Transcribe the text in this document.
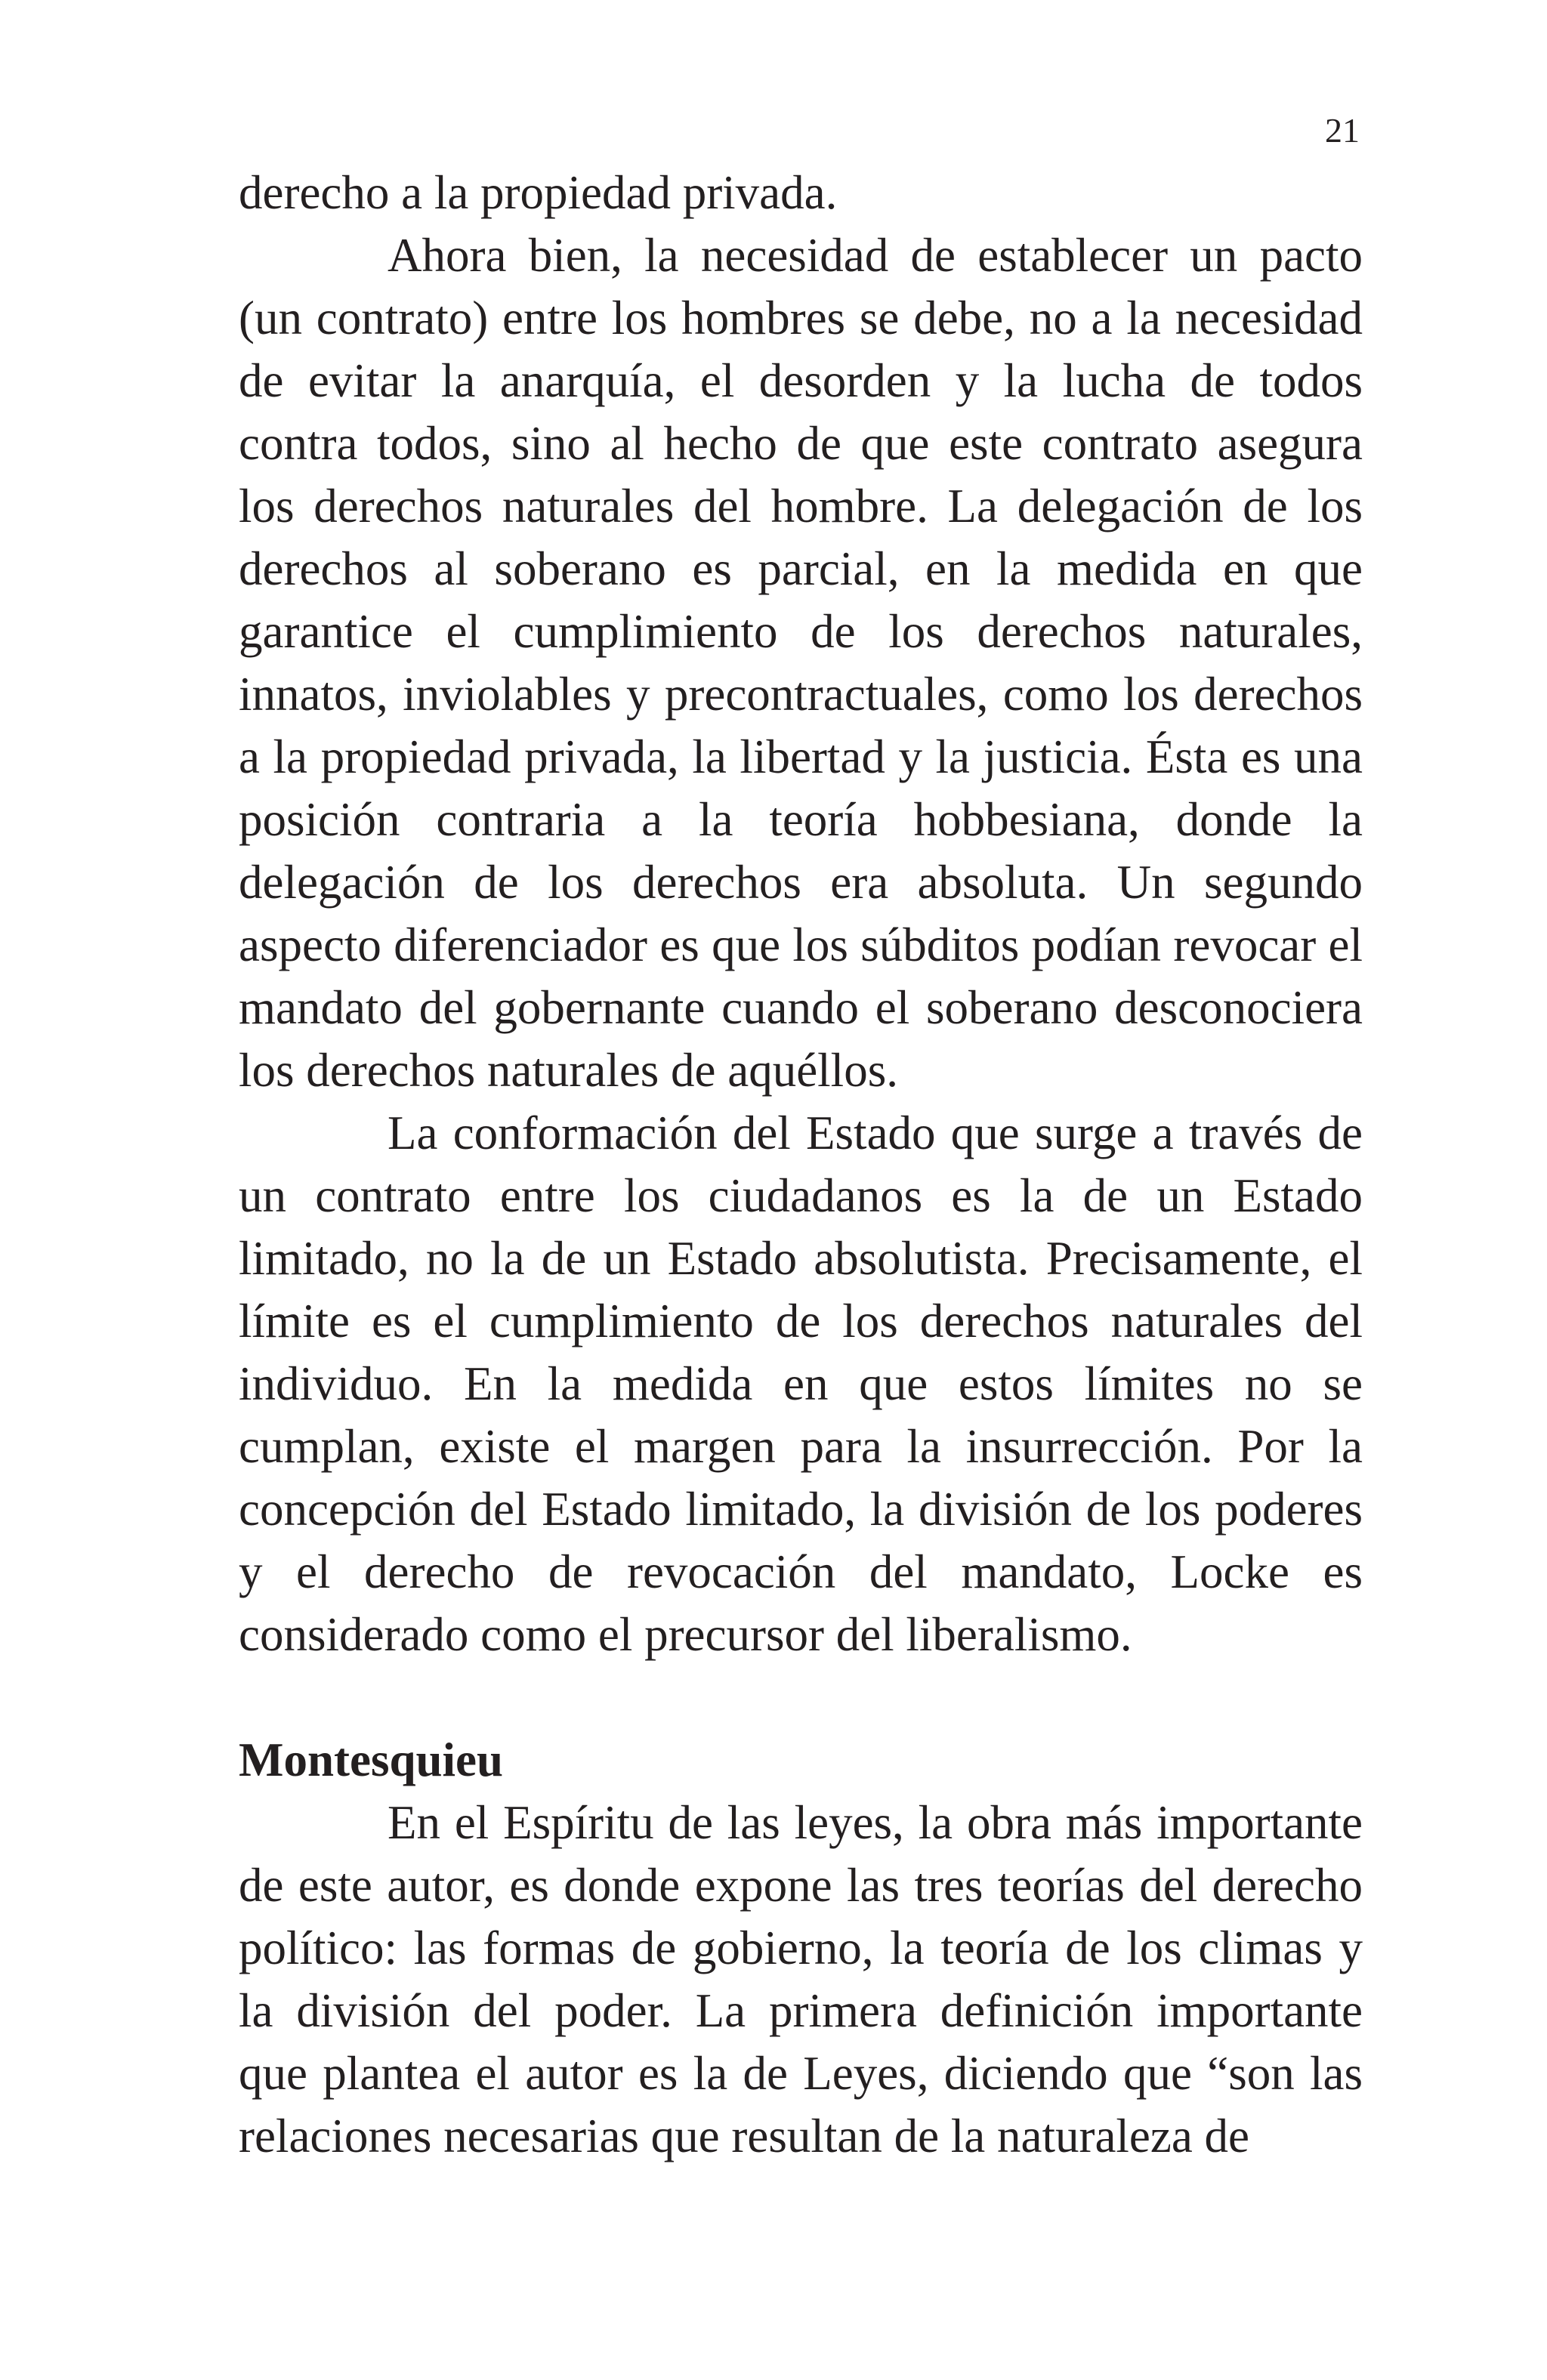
21

derecho a la propiedad privada.

Ahora bien, la necesidad de establecer un pacto (un contrato) entre los hombres se debe, no a la necesidad de evitar la anarquía, el desorden y la lucha de todos contra todos, sino al hecho de que este contrato asegura los derechos naturales del hombre. La delegación de los derechos al soberano es parcial, en la medida en que garantice el cumplimiento de los derechos naturales, innatos, inviolables y precontractuales, como los derechos a la propiedad privada, la libertad y la justicia. Ésta es una posición contraria a la teoría hobbesiana, donde la delegación de los derechos era absoluta. Un segundo aspecto diferenciador es que los súbditos podían revocar el mandato del gobernante cuando el soberano desconociera los derechos naturales de aquéllos.

La conformación del Estado que surge a través de un contrato entre los ciudadanos es la de un Estado limitado, no la de un Estado absolutista. Precisamente, el límite es el cumplimiento de los derechos naturales del individuo. En la medida en que estos límites no se cumplan, existe el margen para la insurrección. Por la concepción del Estado limitado, la división de los poderes y el derecho de revocación del mandato, Locke es considerado como el precursor del liberalismo.

Montesquieu

En el Espíritu de las leyes, la obra más importante de este autor, es donde expone las tres teorías del derecho político: las formas de gobierno, la teoría de los climas y la división del poder. La primera definición importante que plantea el autor es la de Leyes, diciendo que “son las relaciones necesarias que resultan de la naturaleza de
